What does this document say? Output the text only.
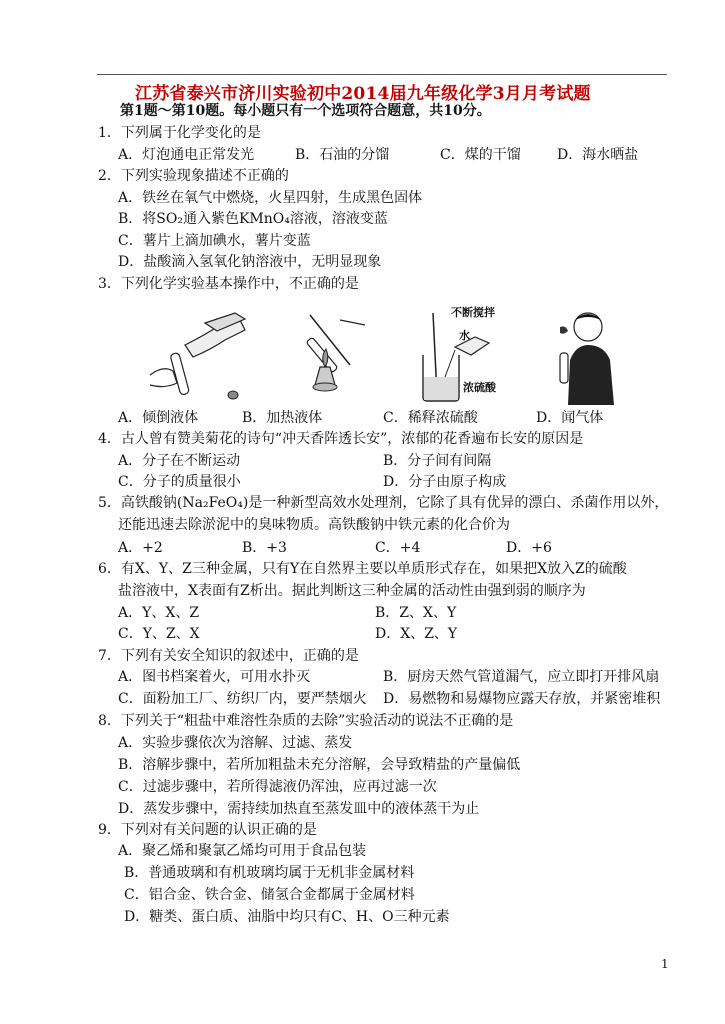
江苏省泰兴市济川实验初中2014届九年级化学3月月考试题
第1题～第10题。每小题只有一个选项符合题意，共10分。
1．下列属于化学变化的是
A．灯泡通电正常发光	B．石油的分馏	C．煤的干馏	D．海水晒盐
2．下列实验现象描述不正确的
A．铁丝在氧气中燃烧，火星四射，生成黑色固体
B．将SO₂通入紫色KMnO₄溶液，溶液变蓝
C．薯片上滴加碘水，薯片变蓝
D．盐酸滴入氢氧化钠溶液中，无明显现象
3．下列化学实验基本操作中，不正确的是
不断搅拌
水
浓硫酸
A．倾倒液体	B．加热液体	C．稀释浓硫酸	D．闻气体
4．古人曾有赞美菊花的诗句“冲天香阵透长安”，浓郁的花香遍布长安的原因是
A．分子在不断运动	B．分子间有间隔
C．分子的质量很小	D．分子由原子构成
5．高铁酸钠(Na₂FeO₄)是一种新型高效水处理剂，它除了具有优异的漂白、杀菌作用以外，
还能迅速去除淤泥中的臭味物质。高铁酸钠中铁元素的化合价为
A．+2	B．+3	C．+4	D．+6
6．有X、Y、Z三种金属，只有Y在自然界主要以单质形式存在，如果把X放入Z的硫酸
盐溶液中，X表面有Z析出。据此判断这三种金属的活动性由强到弱的顺序为
A．Y、X、Z	B．Z、X、Y
C．Y、Z、X	D．X、Z、Y
7．下列有关安全知识的叙述中，正确的是
A．图书档案着火，可用水扑灭	B．厨房天然气管道漏气，应立即打开排风扇
C．面粉加工厂、纺织厂内，要严禁烟火 D．易燃物和易爆物应露天存放，并紧密堆积
8．下列关于“粗盐中难溶性杂质的去除”实验活动的说法不正确的是
A．实验步骤依次为溶解、过滤、蒸发
B．溶解步骤中，若所加粗盐未充分溶解，会导致精盐的产量偏低
C．过滤步骤中，若所得滤液仍浑浊，应再过滤一次
D．蒸发步骤中，需持续加热直至蒸发皿中的液体蒸干为止
9．下列对有关问题的认识正确的是
A．聚乙烯和聚氯乙烯均可用于食品包装
B．普通玻璃和有机玻璃均属于无机非金属材料
C．铝合金、铁合金、储氢合金都属于金属材料
D．糖类、蛋白质、油脂中均只有C、H、O三种元素
1
